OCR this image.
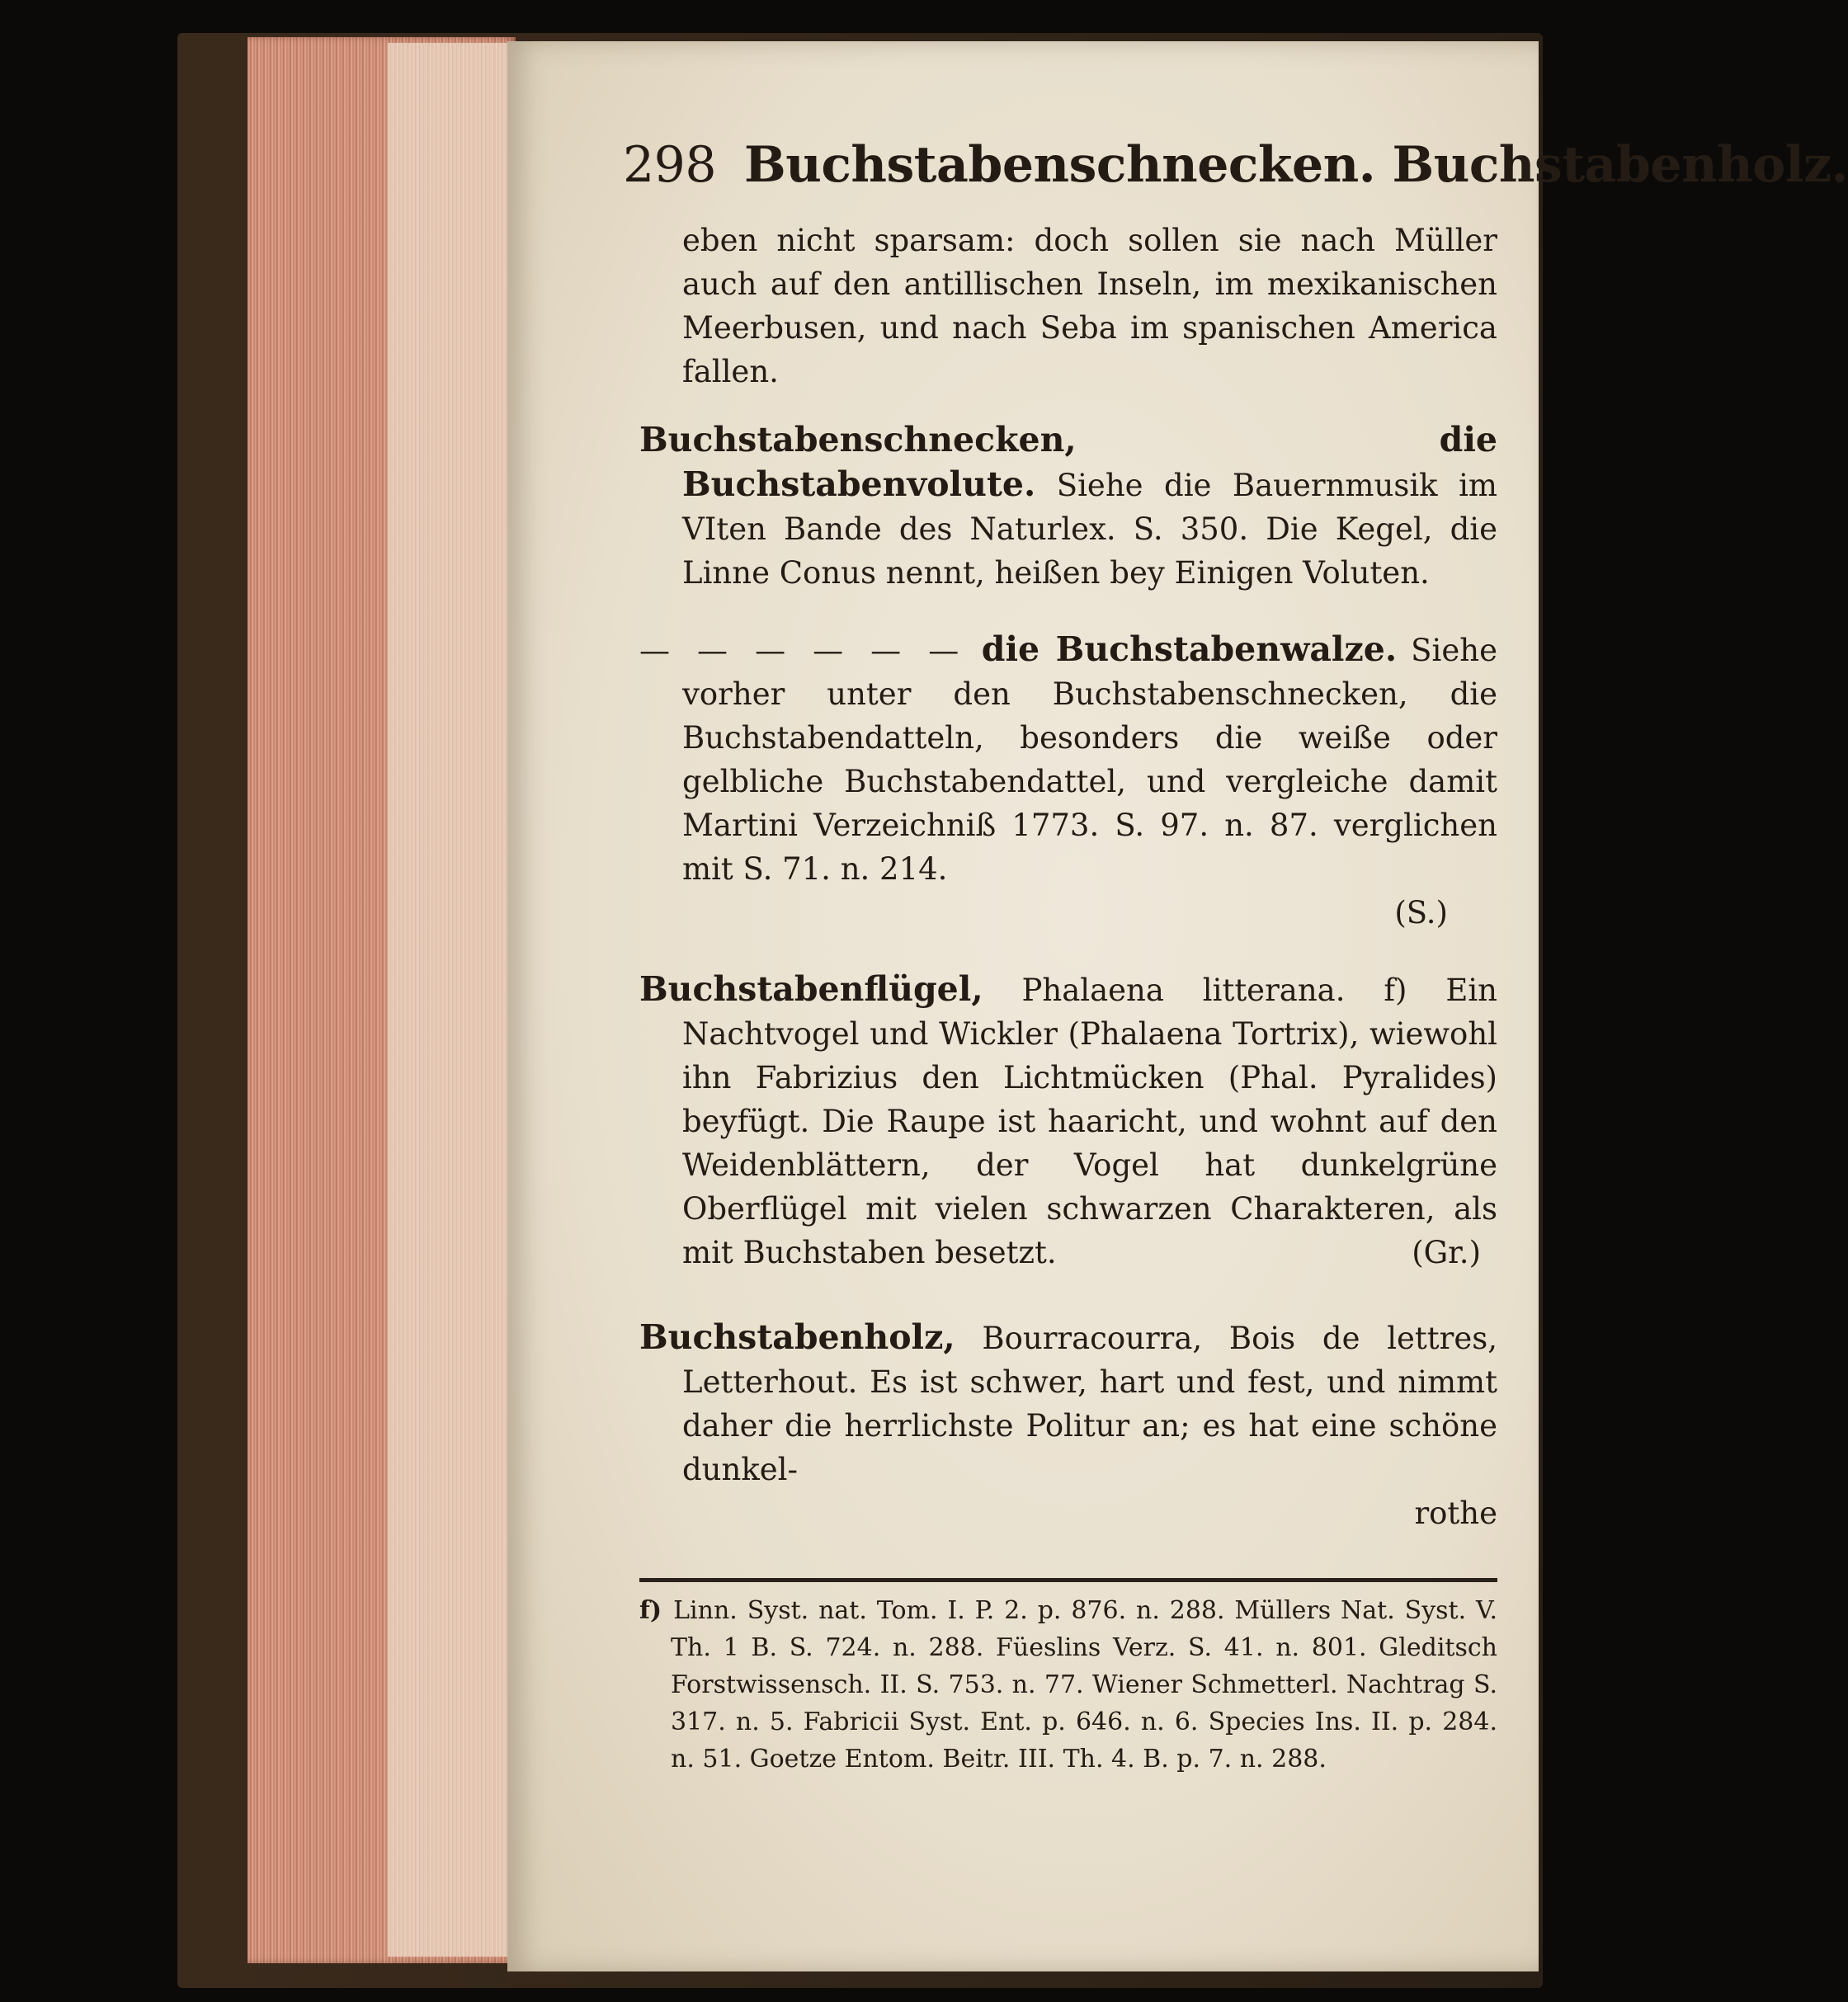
298 Buchstabenschnecken. Buchstabenholz.

eben nicht sparsam: doch sollen sie nach Müller auch auf den antillischen Inseln, im mexikanischen Meerbusen, und nach Seba im spanischen America fallen.

Buchstabenschnecken, die Buchstabenvolute. Siehe die Bauernmusik im VIten Bande des Naturlex. S. 350. Die Kegel, die Linne Conus nennt, heißen bey Einigen Voluten.

— — — — — — die Buchstabenwalze. Siehe vorher unter den Buchstabenschnecken, die Buchstabendatteln, besonders die weiße oder gelbliche Buchstabendattel, und vergleiche damit Martini Verzeichniß 1773. S. 97. n. 87. verglichen mit S. 71. n. 214.

(S.)

Buchstabenflügel, Phalaena litterana. f) Ein Nachtvogel und Wickler (Phalaena Tortrix), wiewohl ihn Fabrizius den Lichtmücken (Phal. Pyralides) beyfügt. Die Raupe ist haaricht, und wohnt auf den Weidenblättern, der Vogel hat dunkelgrüne Oberflügel mit vielen schwarzen Charakteren, als mit Buchstaben besetzt.	(Gr.)

Buchstabenholz, Bourracourra, Bois de lettres, Letterhout. Es ist schwer, hart und fest, und nimmt daher die herrlichste Politur an; es hat eine schöne dunkel-

rothe

f) Linn. Syst. nat. Tom. I. P. 2. p. 876. n. 288. Müllers Nat. Syst. V. Th. 1 B. S. 724. n. 288. Füeslins Verz. S. 41. n. 801. Gleditsch Forstwissensch. II. S. 753. n. 77. Wiener Schmetterl. Nachtrag S. 317. n. 5. Fabricii Syst. Ent. p. 646. n. 6. Species Ins. II. p. 284. n. 51. Goetze Entom. Beitr. III. Th. 4. B. p. 7. n. 288.
